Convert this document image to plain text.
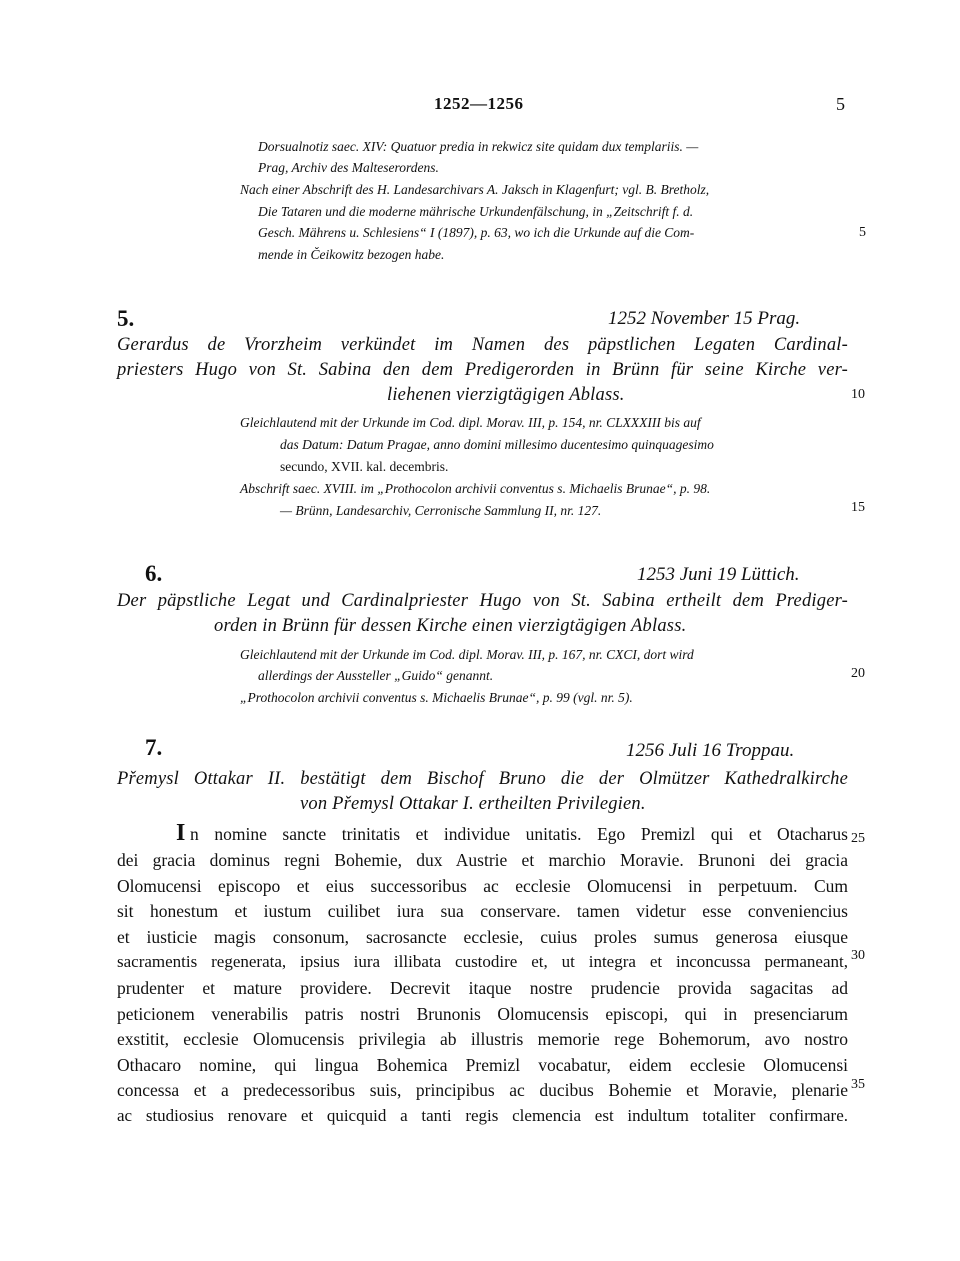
1252—1256	5
Dorsualnotiz saec. XIV: Quatuor predia in rekwicz site quidam dux templariis. —
Prag, Archiv des Malteserordens.
Nach einer Abschrift des H. Landesarchivars A. Jaksch in Klagenfurt; vgl. B. Bretholz,
Die Tataren und die moderne mährische Urkundenfälschung, in „Zeitschrift f. d.
Gesch. Mährens u. Schlesiens“ I (1897), p. 63, wo ich die Urkunde auf die Com-
mende in Čeikowitz bezogen habe.
5
10
15
20
25
30
35
5.	1252 November 15 Prag.
Gerardus de Vrorzheim verkündet im Namen des päpstlichen Legaten Cardinal-
priesters Hugo von St. Sabina den dem Predigerorden in Brünn für seine Kirche ver-
liehenen vierzigtägigen Ablass.
Gleichlautend mit der Urkunde im Cod. dipl. Morav. III, p. 154, nr. CLXXXIII bis auf
das Datum: Datum Pragae, anno domini millesimo ducentesimo quinquagesimo
secundo, XVII. kal. decembris.
Abschrift saec. XVIII. im „Prothocolon archivii conventus s. Michaelis Brunae“, p. 98.
— Brünn, Landesarchiv, Cerronische Sammlung II, nr. 127.
6.	1253 Juni 19 Lüttich.
Der päpstliche Legat und Cardinalpriester Hugo von St. Sabina ertheilt dem Prediger-
orden in Brünn für dessen Kirche einen vierzigtägigen Ablass.
Gleichlautend mit der Urkunde im Cod. dipl. Morav. III, p. 167, nr. CXCI, dort wird
allerdings der Aussteller „Guido“ genannt.
„Prothocolon archivii conventus s. Michaelis Brunae“, p. 99 (vgl. nr. 5).
7.	1256 Juli 16 Troppau.
Přemysl Ottakar II. bestätigt dem Bischof Bruno die der Olmützer Kathedralkirche
von Přemysl Ottakar I. ertheilten Privilegien.
I n nomine sancte trinitatis et individue unitatis. Ego Premizl qui et Otacharus
dei gracia dominus regni Bohemie, dux Austrie et marchio Moravie. Brunoni dei gracia
Olomucensi episcopo et eius successoribus ac ecclesie Olomucensi in perpetuum. Cum
sit honestum et iustum cuilibet iura sua conservare. tamen videtur esse conveniencius
et iusticie magis consonum, sacrosancte ecclesie, cuius proles sumus generosa eiusque
sacramentis regenerata, ipsius iura illibata custodire et, ut integra et inconcussa permaneant,
prudenter et mature providere. Decrevit itaque nostre prudencie provida sagacitas ad
peticionem venerabilis patris nostri Brunonis Olomucensis episcopi, qui in presenciarum
exstitit, ecclesie Olomucensis privilegia ab illustris memorie rege Bohemorum, avo nostro
Othacaro nomine, qui lingua Bohemica Premizl vocabatur, eidem ecclesie Olomucensi
concessa et a predecessoribus suis, principibus ac ducibus Bohemie et Moravie, plenarie
ac studiosius renovare et quicquid a tanti regis clemencia est indultum totaliter confirmare.
